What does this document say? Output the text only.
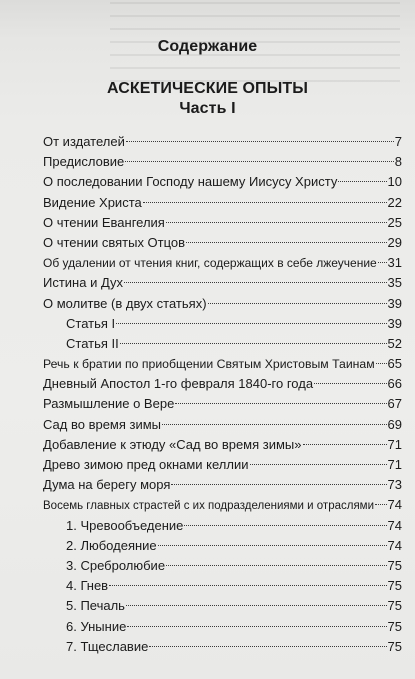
Содержание
АСКЕТИЧЕСКИЕ ОПЫТЫ
Часть I
От издателей	7
Предисловие	8
О последовании Господу нашему Иисусу Христу	10
Видение Христа	22
О чтении Евангелия	25
О чтении святых Отцов	29
Об удалении от чтения книг, содержащих в себе лжеучение 31
Истина и Дух	35
О молитве (в двух статьях)	39
Статья I	39
Статья II	52
Речь к братии по приобщении Святым Христовым Таинам 65
Дневный Апостол 1-го февраля 1840-го года	66
Размышление о Вере	67
Сад во время зимы	69
Добавление к этюду «Сад во время зимы»	71
Древо зимою пред окнами келлии	71
Дума на берегу моря	73
Восемь главных страстей с их подразделениями и отраслями 74
1. Чревообъедение	74
2. Любодеяние	74
3. Сребролюбие	75
4. Гнев	75
5. Печаль	75
6. Уныние	75
7. Тщеславие	75
